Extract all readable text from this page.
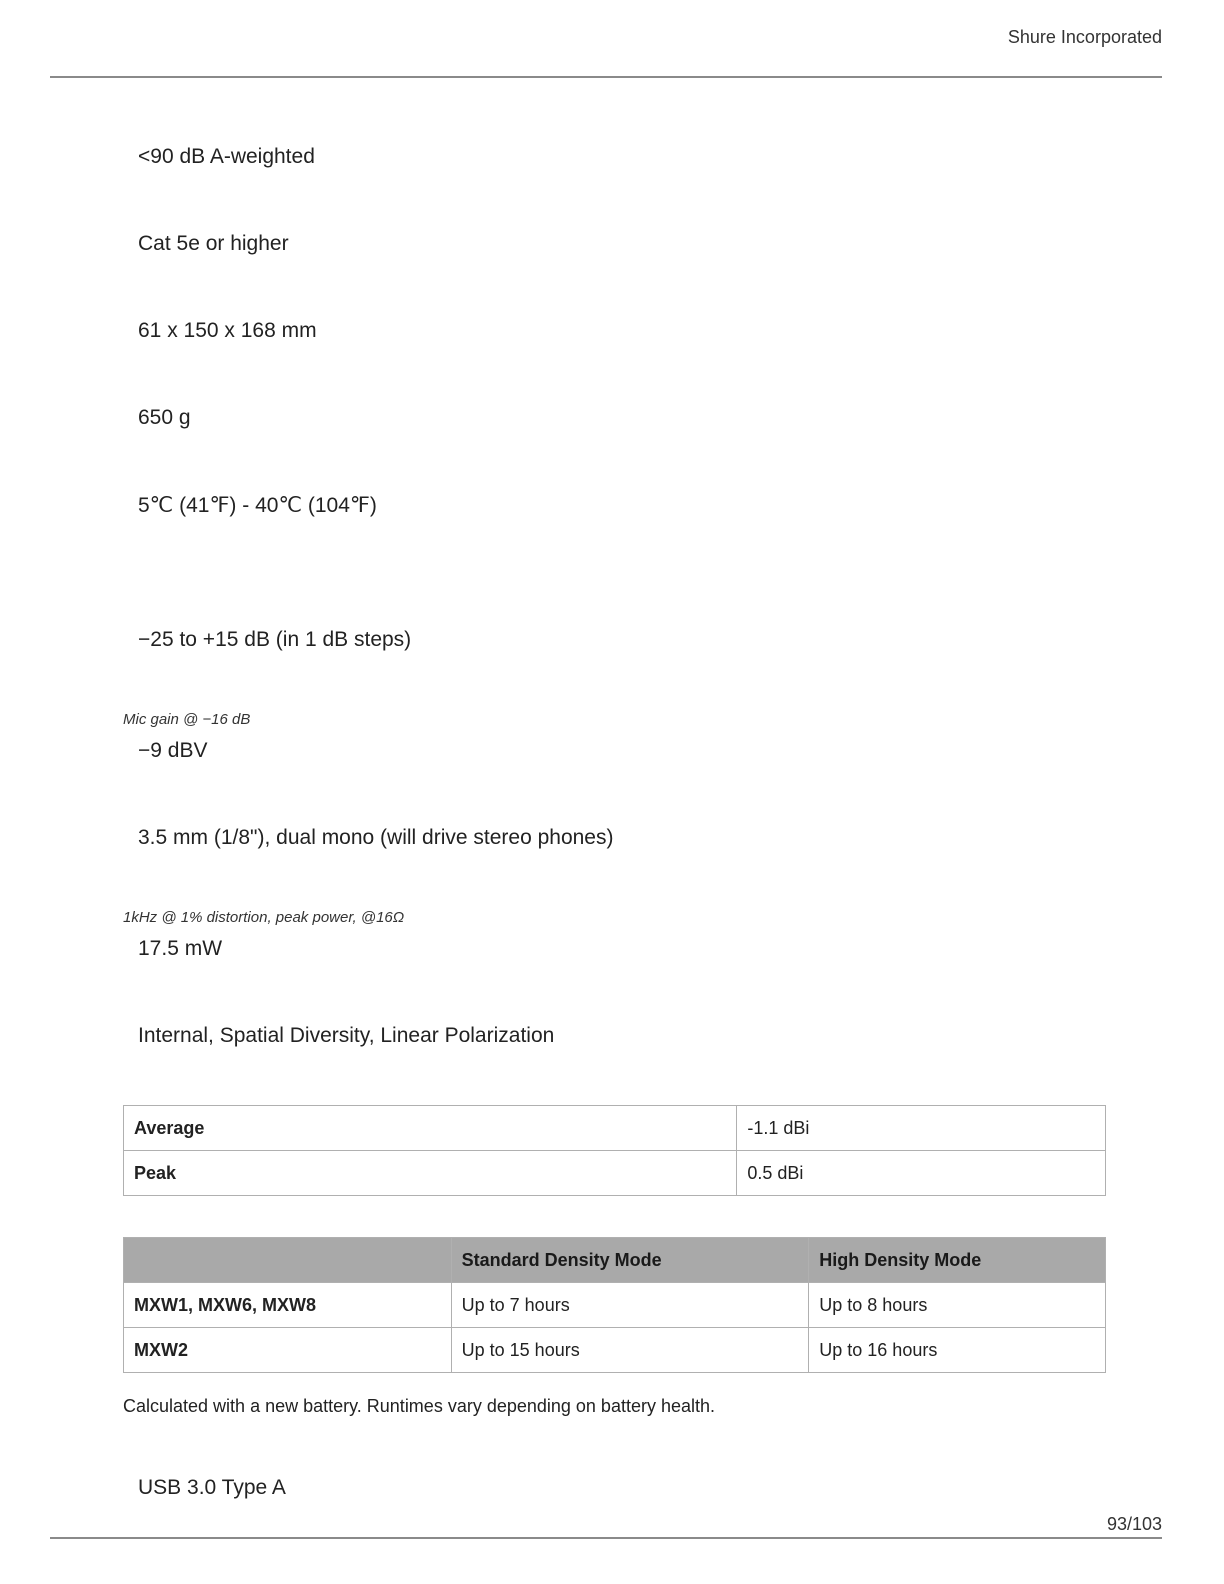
Shure Incorporated
<90 dB A-weighted
Cat 5e or higher
61 x 150 x 168 mm
650 g
5℃ (41℉) - 40℃ (104℉)
−25 to +15 dB (in 1 dB steps)
Mic gain @ −16 dB
−9 dBV
3.5 mm (1/8"), dual mono (will drive stereo phones)
1kHz @ 1% distortion, peak power, @16Ω
17.5 mW
Internal, Spatial Diversity, Linear Polarization
Average	-1.1 dBi
Peak	0.5 dBi
	Standard Density Mode	High Density Mode
MXW1, MXW6, MXW8	Up to 7 hours	Up to 8 hours
MXW2	Up to 15 hours	Up to 16 hours
Calculated with a new battery. Runtimes vary depending on battery health.
USB 3.0 Type A
93/103
